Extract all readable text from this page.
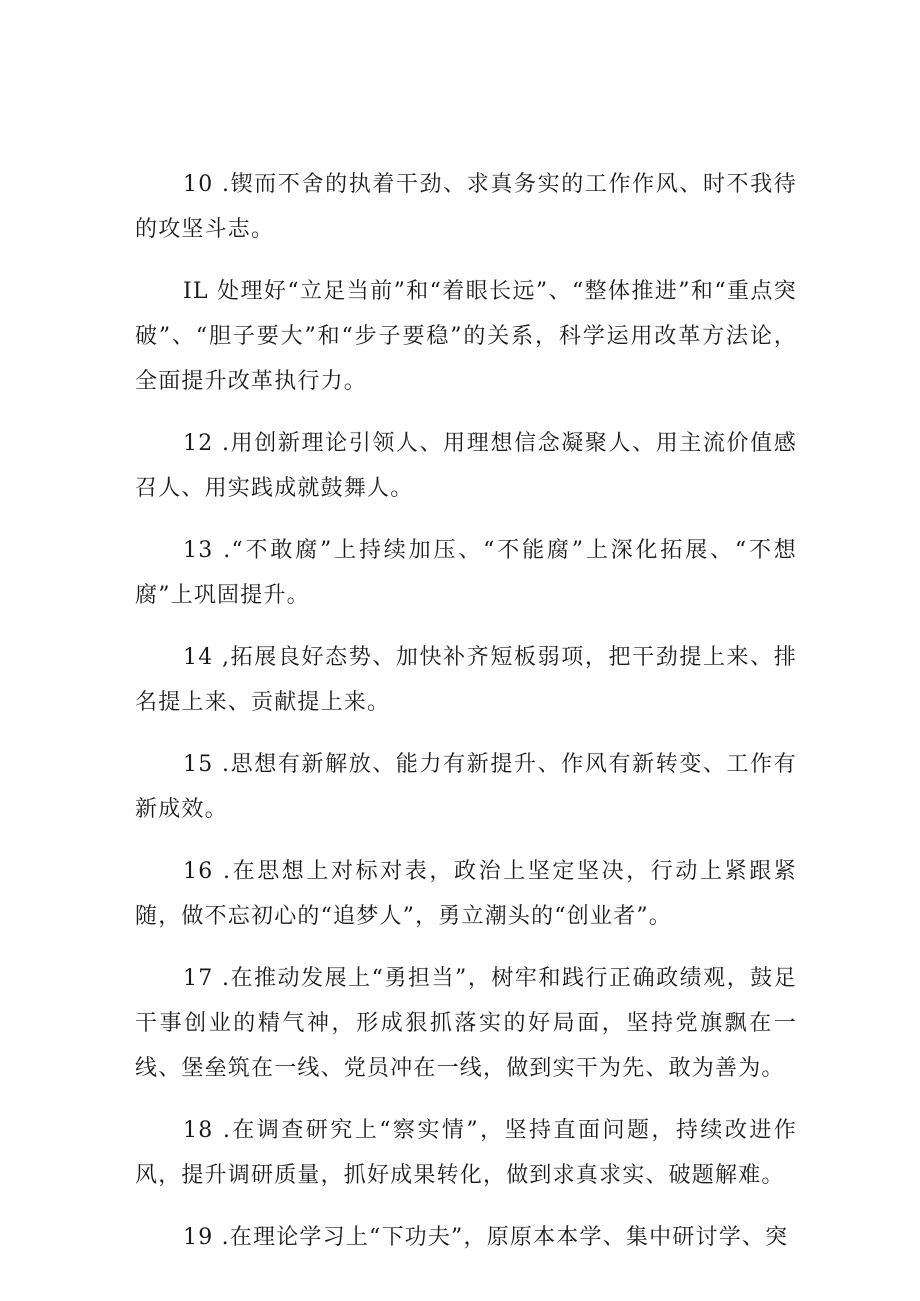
10 .锲而不舍的执着干劲、求真务实的工作作风、时不我待的攻坚斗志。

IL 处理好“立足当前”和“着眼长远”、“整体推进”和“重点突破”、“胆子要大”和“步子要稳”的关系，科学运用改革方法论，全面提升改革执行力。

12 .用创新理论引领人、用理想信念凝聚人、用主流价值感召人、用实践成就鼓舞人。

13 .“不敢腐”上持续加压、“不能腐”上深化拓展、“不想腐”上巩固提升。

14 ,拓展良好态势、加快补齐短板弱项，把干劲提上来、排名提上来、贡献提上来。

15 .思想有新解放、能力有新提升、作风有新转变、工作有新成效。

16 .在思想上对标对表，政治上坚定坚决，行动上紧跟紧随，做不忘初心的“追梦人”，勇立潮头的“创业者”。

17 .在推动发展上“勇担当”，树牢和践行正确政绩观，鼓足干事创业的精气神，形成狠抓落实的好局面，坚持党旗飘在一线、堡垒筑在一线、党员冲在一线，做到实干为先、敢为善为。

18 .在调查研究上“察实情”，坚持直面问题，持续改进作风，提升调研质量，抓好成果转化，做到求真求实、破题解难。

19 .在理论学习上“下功夫”，原原本本学、集中研讨学、突
